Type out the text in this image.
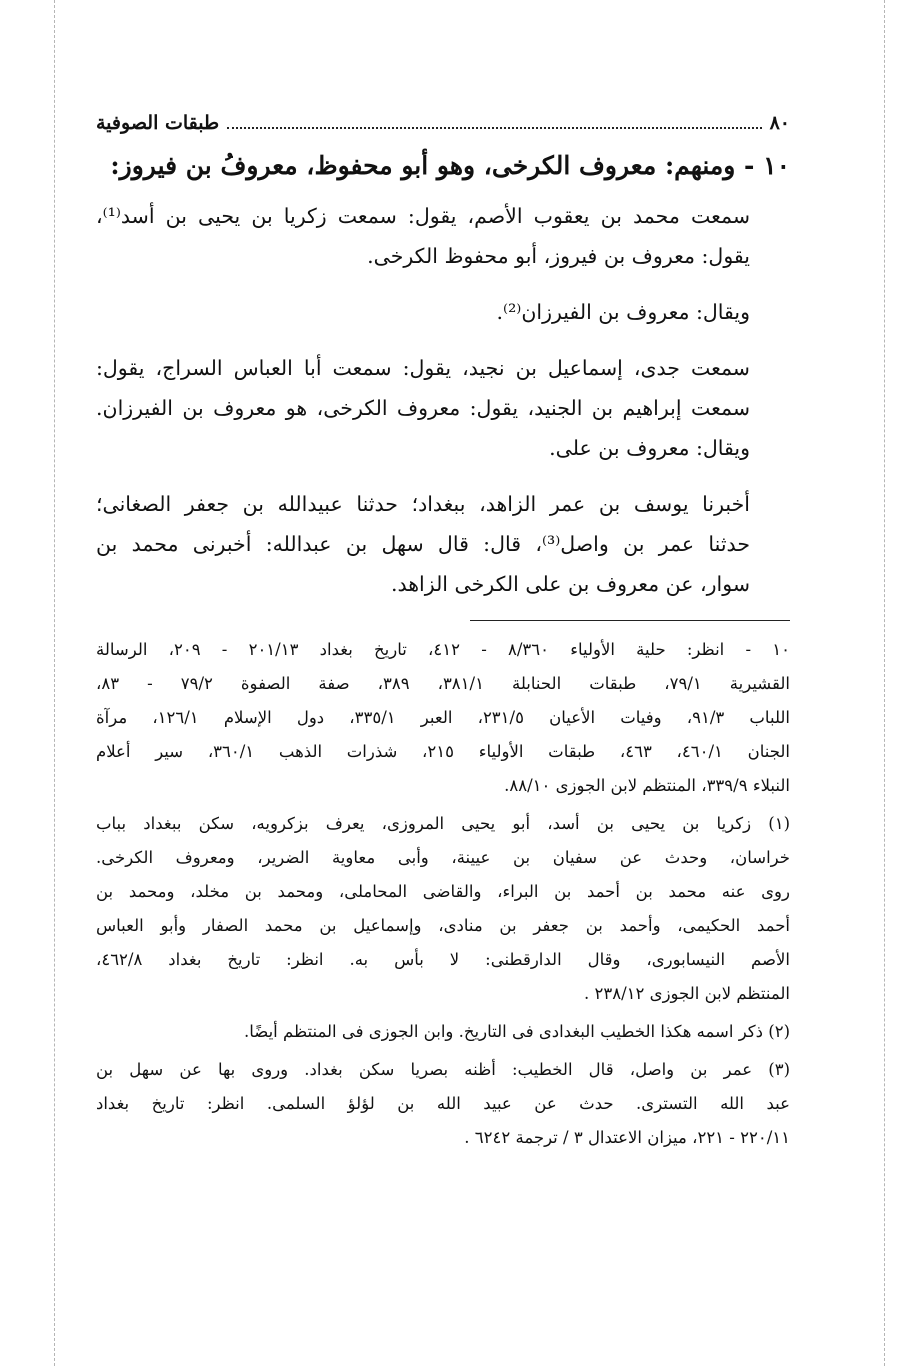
٨٠
طبقات الصوفية
١٠ - ومنهم: معروف الكرخى، وهو أبو محفوظ، معروفُ بن فيروز:
سمعت محمد بن يعقوب الأصم، يقول: سمعت زكريا بن يحيى بن أسد⁽¹⁾،
يقول: معروف بن فيروز، أبو محفوظ الكرخى.
ويقال: معروف بن الفيرزان⁽²⁾.
سمعت جدى، إسماعيل بن نجيد، يقول: سمعت أبا العباس السراج، يقول:
سمعت إبراهيم بن الجنيد، يقول: معروف الكرخى، هو معروف بن الفيرزان.
ويقال: معروف بن على.
أخبرنا يوسف بن عمر الزاهد، ببغداد؛ حدثنا عبيدالله بن جعفر الصغانى؛
حدثنا عمر بن واصل⁽³⁾، قال: قال سهل بن عبدالله: أخبرنى محمد بن
سوار، عن معروف بن على الكرخى الزاهد.
١٠ - انظر: حلية الأولياء ٨/٣٦٠ - ٤١٢، تاريخ بغداد ٢٠١/١٣ - ٢٠٩، الرسالة
القشيرية ٧٩/١، طبقات الحنابلة ٣٨١/١، ٣٨٩، صفة الصفوة ٧٩/٢ - ٨٣،
اللباب ٩١/٣، وفيات الأعيان ٢٣١/٥، العبر ٣٣٥/١، دول الإسلام ١٢٦/١، مرآة
الجنان ٤٦٠/١، ٤٦٣، طبقات الأولياء ٢١٥، شذرات الذهب ٣٦٠/١، سير أعلام
النبلاء ٣٣٩/٩، المنتظم لابن الجوزى ٨٨/١٠.
(١) زكريا بن يحيى بن أسد، أبو يحيى المروزى، يعرف بزكرويه، سكن ببغداد بباب
خراسان، وحدث عن سفيان بن عيينة، وأبى معاوية الضرير، ومعروف الكرخى.
روى عنه محمد بن أحمد بن البراء، والقاضى المحاملى، ومحمد بن مخلد، ومحمد بن
أحمد الحكيمى، وأحمد بن جعفر بن منادى، وإسماعيل بن محمد الصفار وأبو العباس
الأصم النيسابورى، وقال الدارقطنى: لا بأس به. انظر: تاريخ بغداد ٤٦٢/٨،
المنتظم لابن الجوزى ٢٣٨/١٢ .
(٢) ذكر اسمه هكذا الخطيب البغدادى فى التاريخ. وابن الجوزى فى المنتظم أيضًا.
(٣) عمر بن واصل، قال الخطيب: أظنه بصريا سكن بغداد. وروى بها عن سهل بن
عبد الله التسترى. حدث عن عبيد الله بن لؤلؤ السلمى. انظر: تاريخ بغداد
٢٢٠/١١ - ٢٢١، ميزان الاعتدال ٣ / ترجمة ٦٢٤٢ .
